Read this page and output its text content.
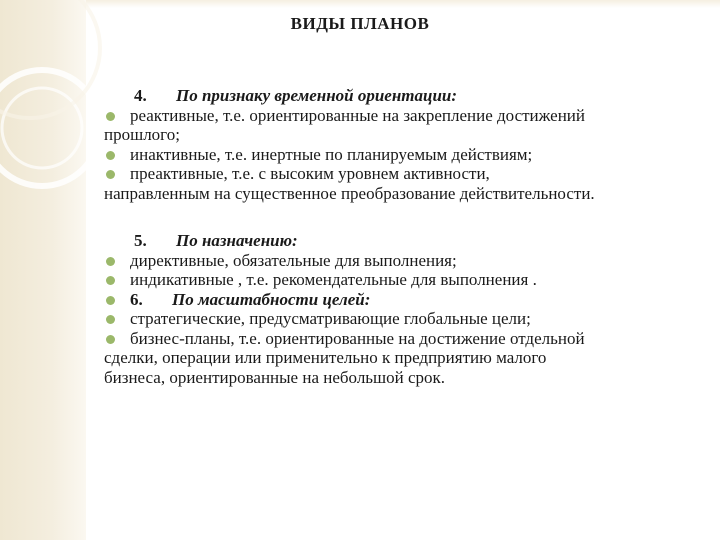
ВИДЫ ПЛАНОВ
4. По признаку временной ориентации:
реактивные, т.е. ориентированные на закрепление достижений
прошлого;
инактивные, т.е. инертные по планируемым действиям;
преактивные, т.е. с высоким уровнем активности,
направленным на существенное преобразование действительности.
5. По назначению:
директивные, обязательные для выполнения;
индикативные , т.е. рекомендательные для выполнения .
6. По масштабности целей:
стратегические, предусматривающие глобальные цели;
бизнес-планы, т.е. ориентированные на достижение отдельной
сделки, операции или применительно к предприятию малого
бизнеса, ориентированные на небольшой срок.
